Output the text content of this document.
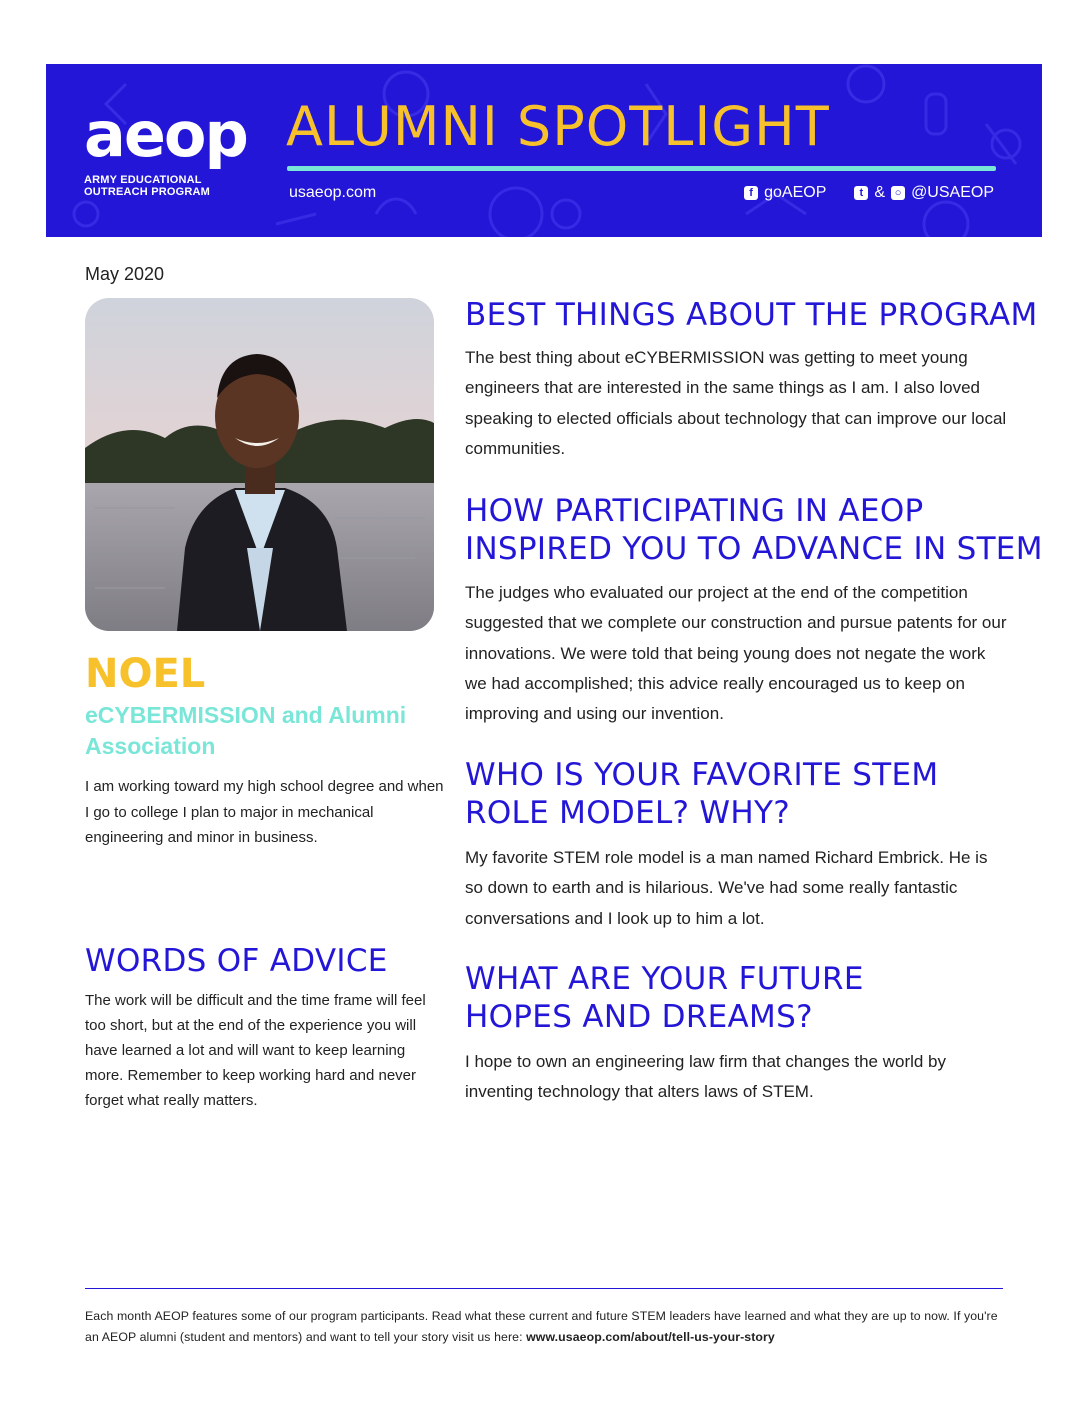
aeop
ARMY EDUCATIONAL
OUTREACH PROGRAM
ALUMNI SPOTLIGHT
usaeop.com	f goAEOP	t & ○ @USAEOP
May 2020
NOEL
eCYBERMISSION and Alumni Association
I am working toward my high school degree and when I go to college I plan to major in mechanical engineering and minor in business.
WORDS OF ADVICE

The work will be difficult and the time frame will feel too short, but at the end of the experience you will have learned a lot and will want to keep learning more. Remember to keep working hard and never forget what really matters.

BEST THINGS ABOUT THE PROGRAM

The best thing about eCYBERMISSION was getting to meet young engineers that are interested in the same things as I am. I also loved speaking to elected officials about technology that can improve our local communities.

HOW PARTICIPATING IN AEOP
INSPIRED YOU TO ADVANCE IN STEM

The judges who evaluated our project at the end of the competition suggested that we complete our construction and pursue patents for our innovations. We were told that being young does not negate the work we had accomplished; this advice really encouraged us to keep on improving and using our invention.

WHO IS YOUR FAVORITE STEM
ROLE MODEL? WHY?

My favorite STEM role model is a man named Richard Embrick. He is so down to earth and is hilarious. We've had some really fantastic conversations and I look up to him a lot.

WHAT ARE YOUR FUTURE
HOPES AND DREAMS?

I hope to own an engineering law firm that changes the world by inventing technology that alters laws of STEM.

Each month AEOP features some of our program participants. Read what these current and future STEM leaders have learned and what they are up to now. If you're an AEOP alumni (student and mentors) and want to tell your story visit us here: www.usaeop.com/about/tell-us-your-story
